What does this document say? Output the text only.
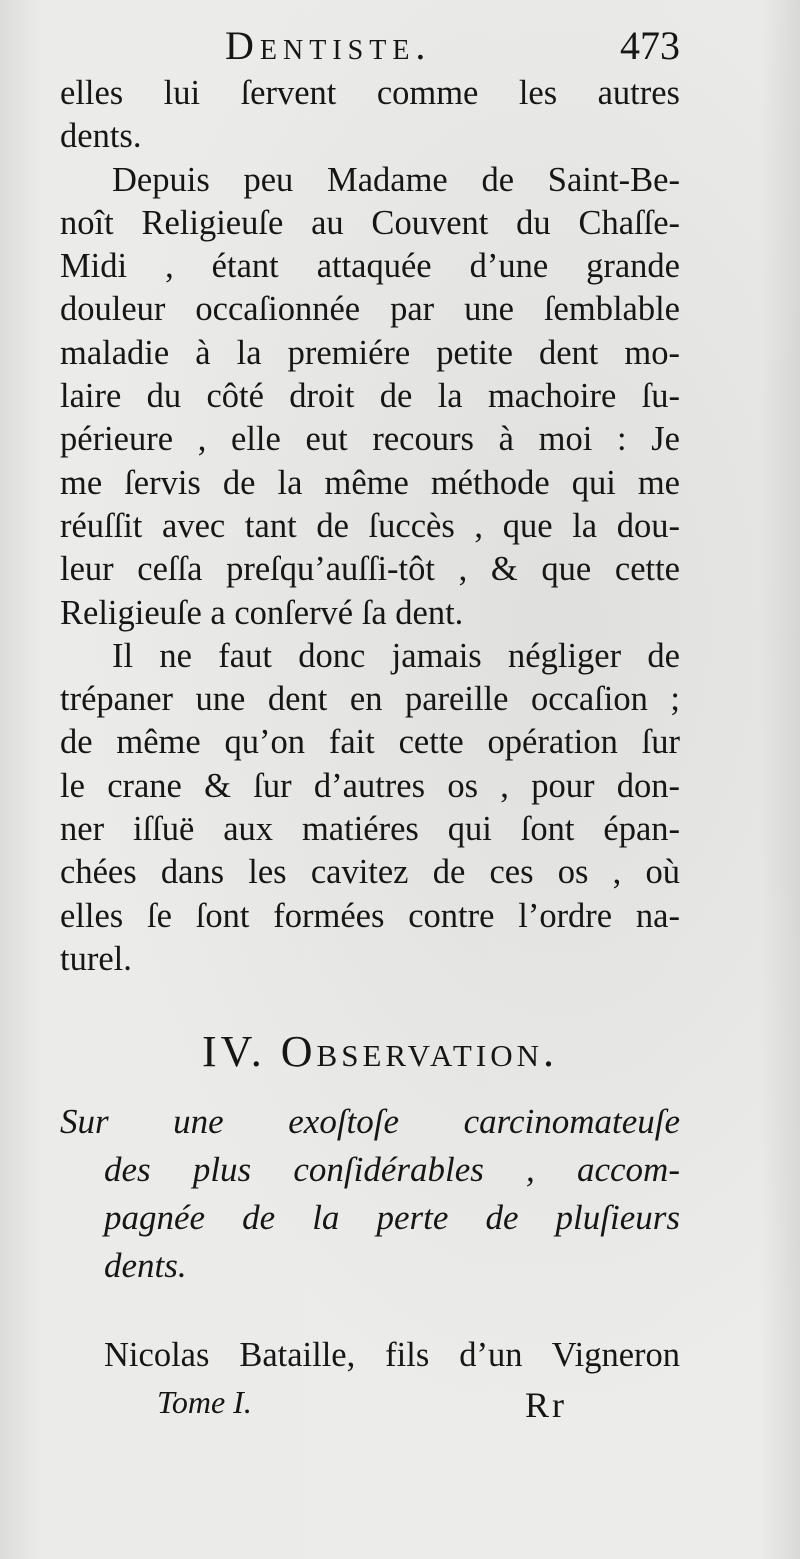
Dentiste.	473
elles lui ſervent comme les autres
dents.
Depuis peu Madame de Saint-Be-
noît Religieuſe au Couvent du Chaſſe-
Midi , étant attaquée d’une grande
douleur occaſionnée par une ſemblable
maladie à la premiére petite dent mo-
laire du côté droit de la machoire ſu-
périeure , elle eut recours à moi : Je
me ſervis de la même méthode qui me
réuſſit avec tant de ſuccès , que la dou-
leur ceſſa preſqu’auſſi-tôt , & que cette
Religieuſe a conſervé ſa dent.
Il ne faut donc jamais négliger de
trépaner une dent en pareille occaſion ;
de même qu’on fait cette opération ſur
le crane & ſur d’autres os , pour don-
ner iſſuë aux matiéres qui ſont épan-
chées dans les cavitez de ces os , où
elles ſe ſont formées contre l’ordre na-
turel.
IV. Observation.
Sur une exoſtoſe carcinomateuſe
des plus conſidérables , accom-
pagnée de la perte de pluſieurs
dents.
Nicolas Bataille, fils d’un Vigneron
Tome I.	Rr
